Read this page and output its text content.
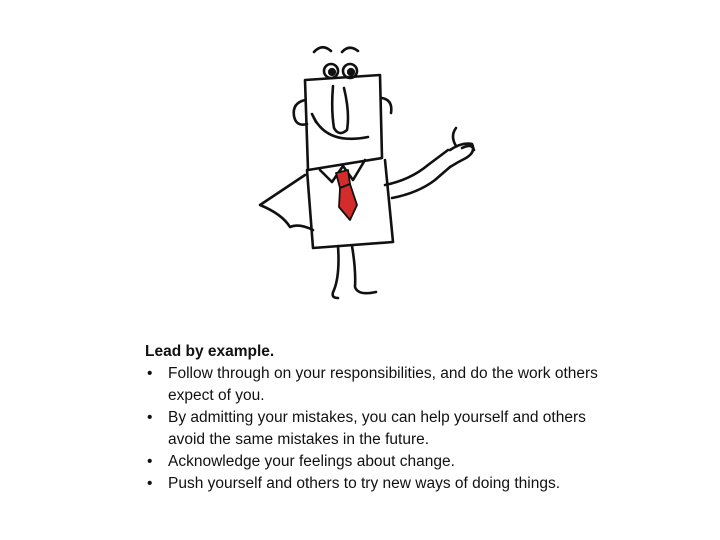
Lead by example.

• Follow through on your responsibilities, and do the work others expect of you.
• By admitting your mistakes, you can help yourself and others avoid the same mistakes in the future.
• Acknowledge your feelings about change.
• Push yourself and others to try new ways of doing things.
